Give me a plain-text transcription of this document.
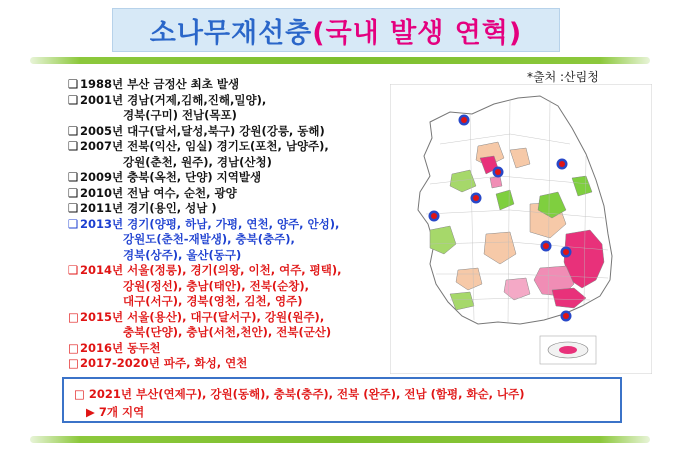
소나무재선충(국내 발생 연혁)
*출처 :산림청
❑ 1988년 부산 금정산 최초 발생
❑ 2001년 경남(거제,김해,진해,밀양),
경북(구미) 전남(목포)
❑ 2005년 대구(달서,달성,북구) 강원(강릉, 동해)
❑ 2007년 전북(익산, 임실) 경기도(포천, 남양주),
강원(춘천, 원주), 경남(산청)
❑ 2009년 충북(옥천, 단양) 지역발생
❑ 2010년 전남 여수, 순천, 광양
❑ 2011년 경기(용인, 성남 )
❑ 2013년 경기(양평, 하남, 가평, 연천, 양주, 안성),
강원도(춘천-재발생), 충북(충주),
경북(상주), 울산(동구)
❑ 2014년 서울(정릉), 경기(의왕, 이천, 여주, 평택),
강원(정선), 충남(태안), 전북(순창),
대구(서구), 경북(영천, 김천, 영주)
□ 2015년 서울(용산), 대구(달서구), 강원(원주),
충북(단양), 충남(서천,천안), 전북(군산)
□ 2016년 동두천
□ 2017-2020년 파주, 화성, 연천
□ 2021년 부산(연제구), 강원(동해), 충북(충주), 전북 (완주), 전남 (함평, 화순, 나주)
▶ 7개 지역
